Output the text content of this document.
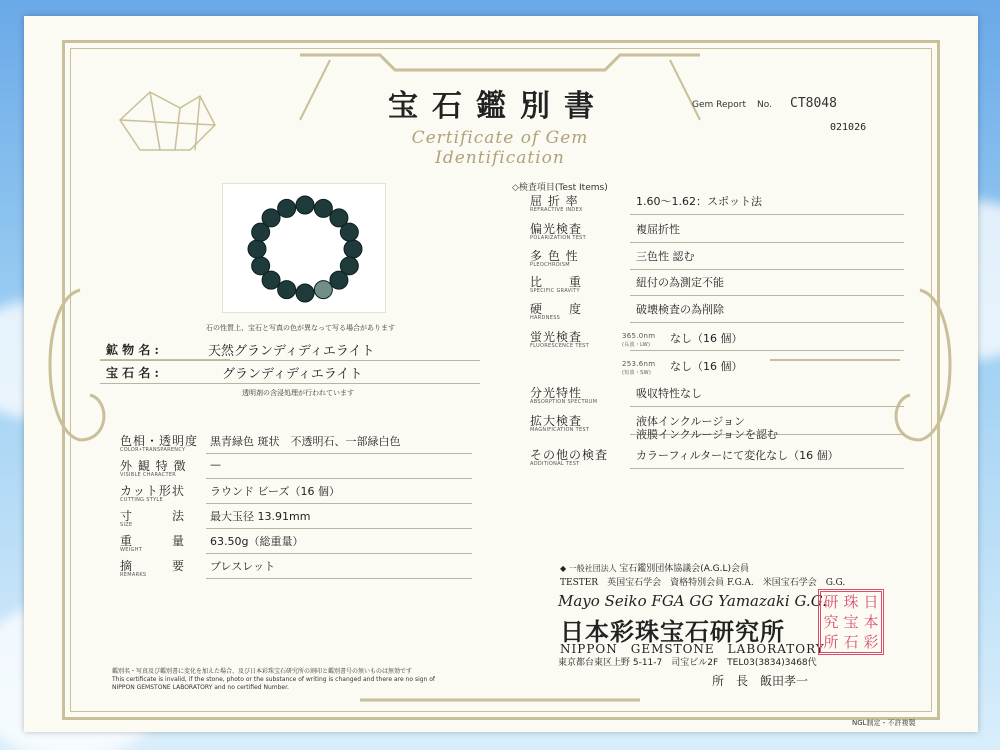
宝石鑑別書
Certificate of Gem Identification
Gem Report No. CT8048
021026
石の性質上、宝石と写真の色が異なって写る場合があります
鉱 物 名 :	天然グランディディエライト
宝 石 名 :	グランディディエライト
透明剤の含浸処理が行われています
色相・透明度
COLOR•TRANSPARENCY
黒青緑色 斑状　不透明石、一部緑白色
外 観 特 徴
VISIBLE CHARACTER
—
カット形状
CUTTING STYLE
ラウンド ビーズ（16 個）
寸　　　法
SIZE
最大玉径 13.91mm
重　　　量
WEIGHT
63.50g（総重量）
摘　　　要
REMARKS
ブレスレット
◇検査項目(Test Items)
屈 折 率
REFRACTIVE INDEX
1.60～1.62：スポット法
偏光検査
POLARIZATION TEST
複屈折性
多 色 性
PLEOCHROISM
三色性 認む
比　　重
SPECIFIC GRAVITY
紐付の為測定不能
硬　　度
HARDNESS
破壊検査の為削除
蛍光検査
FLUORESCENCE TEST
分光特性
ABSORPTION SPECTRUM
吸収特性なし
拡大検査
MAGNIFICATION TEST
液体インクルージョン
その他の検査
ADDITIONAL TEST
カラーフィルターにて変化なし（16 個）
365.0nm
(長波・LW) なし（16 個）
253.6nm
(短波・SW) なし（16 個）
液膜インクルージョンを認む
◆ 一般社団法人 宝石鑑別団体協議会(A.G.L)会員
TESTER　英国宝石学会　資格特別会員 F.G.A.　米国宝石学会　G.G.
Mayo Seiko FGA GG Yamazaki G.G.
日本彩珠宝石研究所
NIPPON　GEMSTONE　LABORATORY
東京都台東区上野 5-11-7　司宝ビル2F　TEL03(3834)3468代
所　長　飯田孝一
研 珠 日
究 宝 本
所 石 彩
鑑別名・写真及び鑑別書に変化を加えた場合、及び日本彩珠宝石研究所の割印と鑑別書号の無いものは無効です
This certificate is invalid, if the stone, photo or the substance of writing is changed and there are no sign of
NIPPON GEMSTONE LABORATORY and no certified Number.
NGL制定・不許複製
